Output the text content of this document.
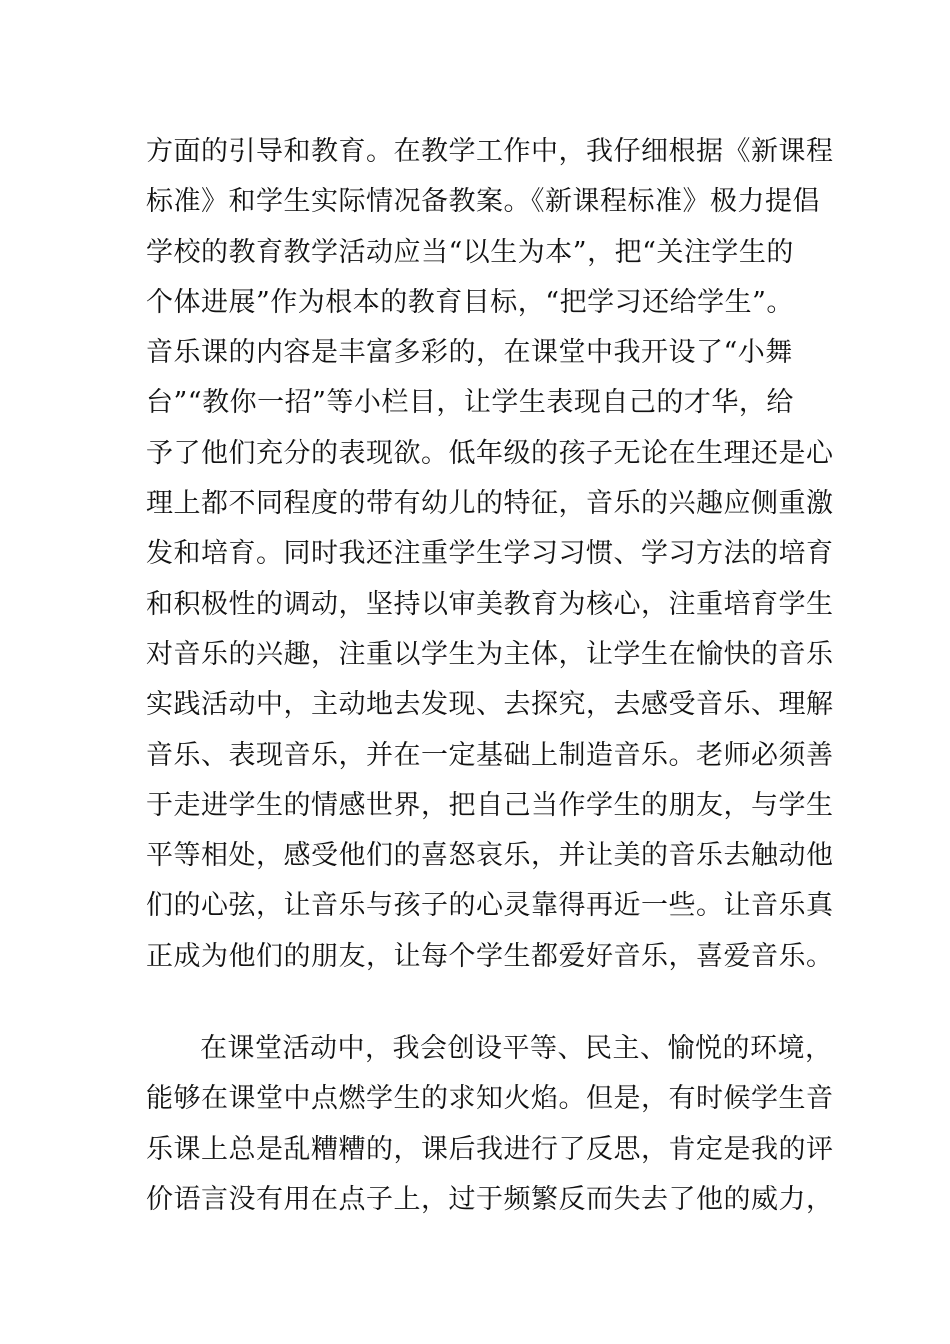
方面的引导和教育。在教学工作中，我仔细根据《新课程
标准》和学生实际情况备教案。《新课程标准》极力提倡
学校的教育教学活动应当“以生为本”，把“关注学生的
个体进展”作为根本的教育目标，“把学习还给学生”。
音乐课的内容是丰富多彩的，在课堂中我开设了“小舞
台”“教你一招”等小栏目，让学生表现自己的才华，给
予了他们充分的表现欲。低年级的孩子无论在生理还是心
理上都不同程度的带有幼儿的特征，音乐的兴趣应侧重激
发和培育。同时我还注重学生学习习惯、学习方法的培育
和积极性的调动，坚持以审美教育为核心，注重培育学生
对音乐的兴趣，注重以学生为主体，让学生在愉快的音乐
实践活动中，主动地去发现、去探究，去感受音乐、理解
音乐、表现音乐，并在一定基础上制造音乐。老师必须善
于走进学生的情感世界，把自己当作学生的朋友，与学生
平等相处，感受他们的喜怒哀乐，并让美的音乐去触动他
们的心弦，让音乐与孩子的心灵靠得再近一些。让音乐真
正成为他们的朋友，让每个学生都爱好音乐，喜爱音乐。
在课堂活动中，我会创设平等、民主、愉悦的环境，
能够在课堂中点燃学生的求知火焰。但是，有时候学生音
乐课上总是乱糟糟的，课后我进行了反思，肯定是我的评
价语言没有用在点子上，过于频繁反而失去了他的威力，
